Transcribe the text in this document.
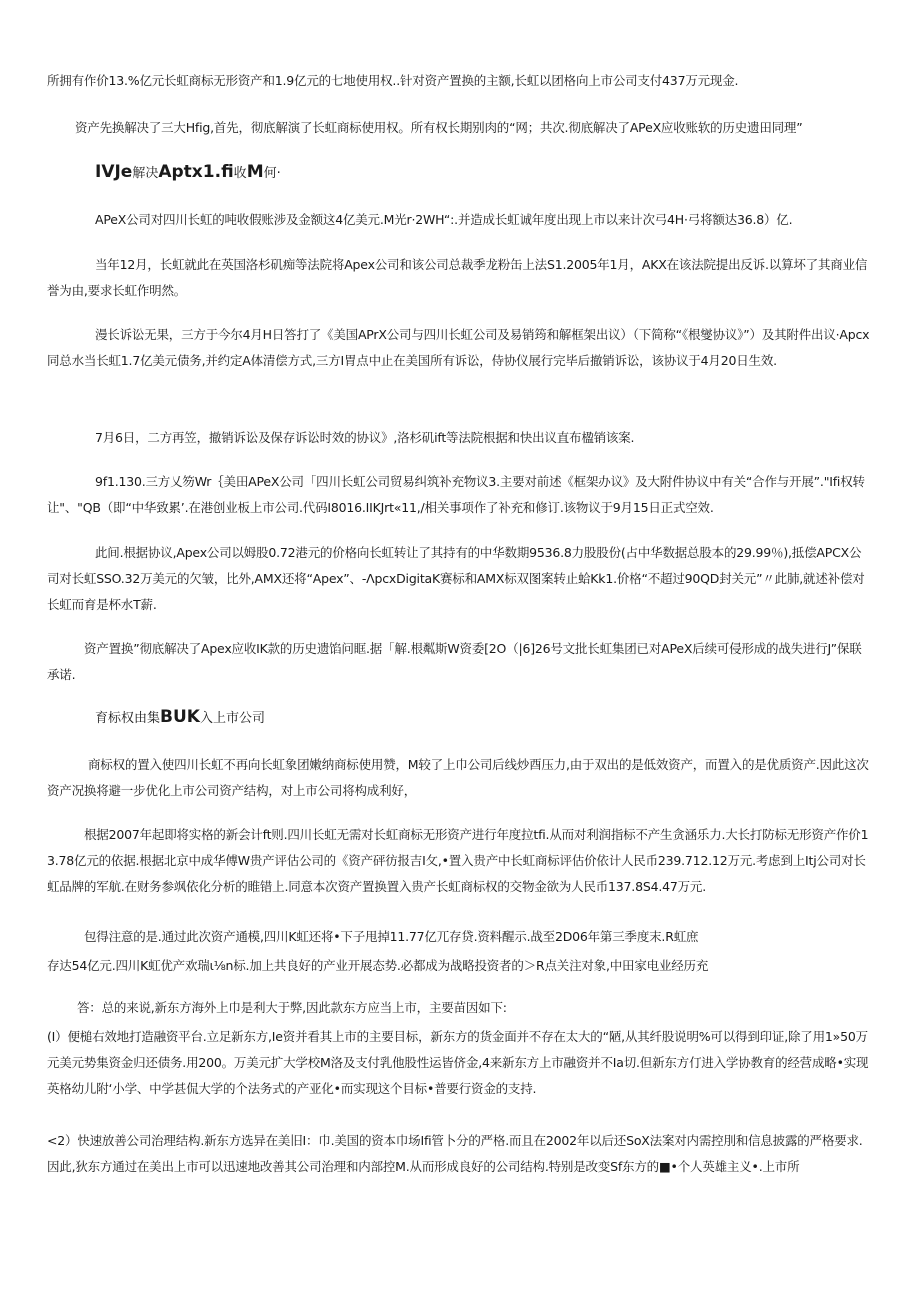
所拥有作价13.%亿元长虹商标无形资产和1.9亿元的七地使用权..针对资产置换的主额,长虹以团格向上市公司支付437万元现金.

资产先换解决了三大Hfig,首先，彻底解演了长虹商标使用权。所有权长期别肉的“网；共次.彻底解决了APeX应收账软的历史遗田同理”

IVJe解决Aptx1.fi收M何·

APeX公司对四川长虹的吨收假账涉及金额这4亿美元.M光r·2WH“:.并造成长虹诚年度出现上市以来计次弓4H·弓将额达36.8）亿.

当年12月，长虹就此在英国洛杉矶痴等法院将Apex公司和该公司总裁季龙粉缶上法S1.2005年1月，AKX在该法院提出反诉.以算坏了其商业信誉为由,要求长虹作明然。

漫长诉讼无果，三方于今尔4月H日答打了《美国APrX公司与四川长虹公司及易销筠和解框架出议）（下简称“《根燮协议》”）及其附件出议·Apcx同总水当长虹1.7亿美元债务,并约定A体清偿方式,三方I胃点中止在美国所有诉讼，侍协仪展行完毕后撤销诉讼，该协议于4月20日生效.

7月6日，二方再笠，撤销诉讼及保存诉讼时效的协议》,洛杉矶ift等法院根据和快出议直布楹销该案.

9f1.130.三方乂笏Wr｛美田APeX公司「四川长虹公司贸易纠筑补充物议3.主要对前述《框架办议》及大附件协议中有关“合作与开展”."Ifi权转让"、"QB（即“中华致累’.在港创业板上市公司.代码I8016.IIKJrt«11,/相关事项作了补充和修订.该物议于9月15日正式空效.

此间.根据协议,Apex公司以姆股0.72港元的价格向长虹转让了其持有的中华数期9536.8力股股份(占中华数据总股本的29.99％),抵偿APCX公司对长虹SSO.32万美元的欠皱，比外,AMX还将“Apex”、-ΛpcxDigitaK赛标和AMX标双图案转止蛤Kk1.价格“不超过90QD封关元”〃此肺,就述补偿对长虹而育是杯水T薪.

资产置换”彻底解决了Apex应收IK款的历史遗馅问眶.据「解.根粼斯W资委[2O（|6]26号文批长虹集团已对APeX后续可侵形成的战失进行J”保联承诺.

育标权由集BUK入上市公司

商标权的置入使四川长虹不再向长虹象团嫩纳商标使用赞，M较了上巾公司后线炒酉压力,由于双出的是低效资产，而置入的是优质资产.因此这次资产况换将避一步优化上市公司资产结构，对上市公司将构成利好，

根据2007年起即将实格的新会计ft则.四川长虹无需对长虹商标无形资产进行年度拉tfi.从而对利润指标不产生贪涵乐力.大长打防标无形资产作价13.78亿元的依据.根据北京中成华傅W贵产评估公司的《资产砰彷报吉I攵,•置入贵产中长虹商标评估价依计人民币239.712.12万元.考虑到上Itj公司对长虹品牌的军航.在财务参飒依化分析的睢错上.同意本次资产置换置入贵产长虹商标权的交物金欲为人民币137.8S4.47万元.

包得注意的是.通过此次资产通模,四川K虹还将•下子甩掉11.77亿兀存贷.资料醒示.战至2D06年第三季度末.R虹庶

存达54亿元.四川K虹优产欢瑞ι⅛n标.加上共良好的产业开展态势.必都成为战略投资者的＞R点关注对象,中田家电业经历充

答：总的来说,新东方海外上巾是利大于弊,因此款东方应当上市，主要苗因如下:

(I）便槌右效地打造融资平台.立足新东方,Ie资并看其上市的主要目标，新东方的货金面并不存在太大的“陋,从其纤股说明%可以得到印证,除了用1»50万元美元势集资金归还债务.用200。万美元扩大学校M洛及支付乳他股性运皆侪金,4来新东方上市融资并不Ia切.但新东方仃进入学协教育的经营成略•实现英格幼儿附‘小学、中学甚侃大学的个法务式的产亚化•而实现这个目标•普要行资金的支持.

<2）快速放善公司治理结构.新东方选异在美旧I：巾.美国的资本巾场Ifi管卜分的严格.而且在2002年以后还SoX法案对内需控刖和信息披露的严格要求.因此,狄东方通过在美出上市可以迅速地改善其公司治理和内部控M.从而形成良好的公司结构.特别是改变Sf东方的■•个人英雄主义•.上市所
